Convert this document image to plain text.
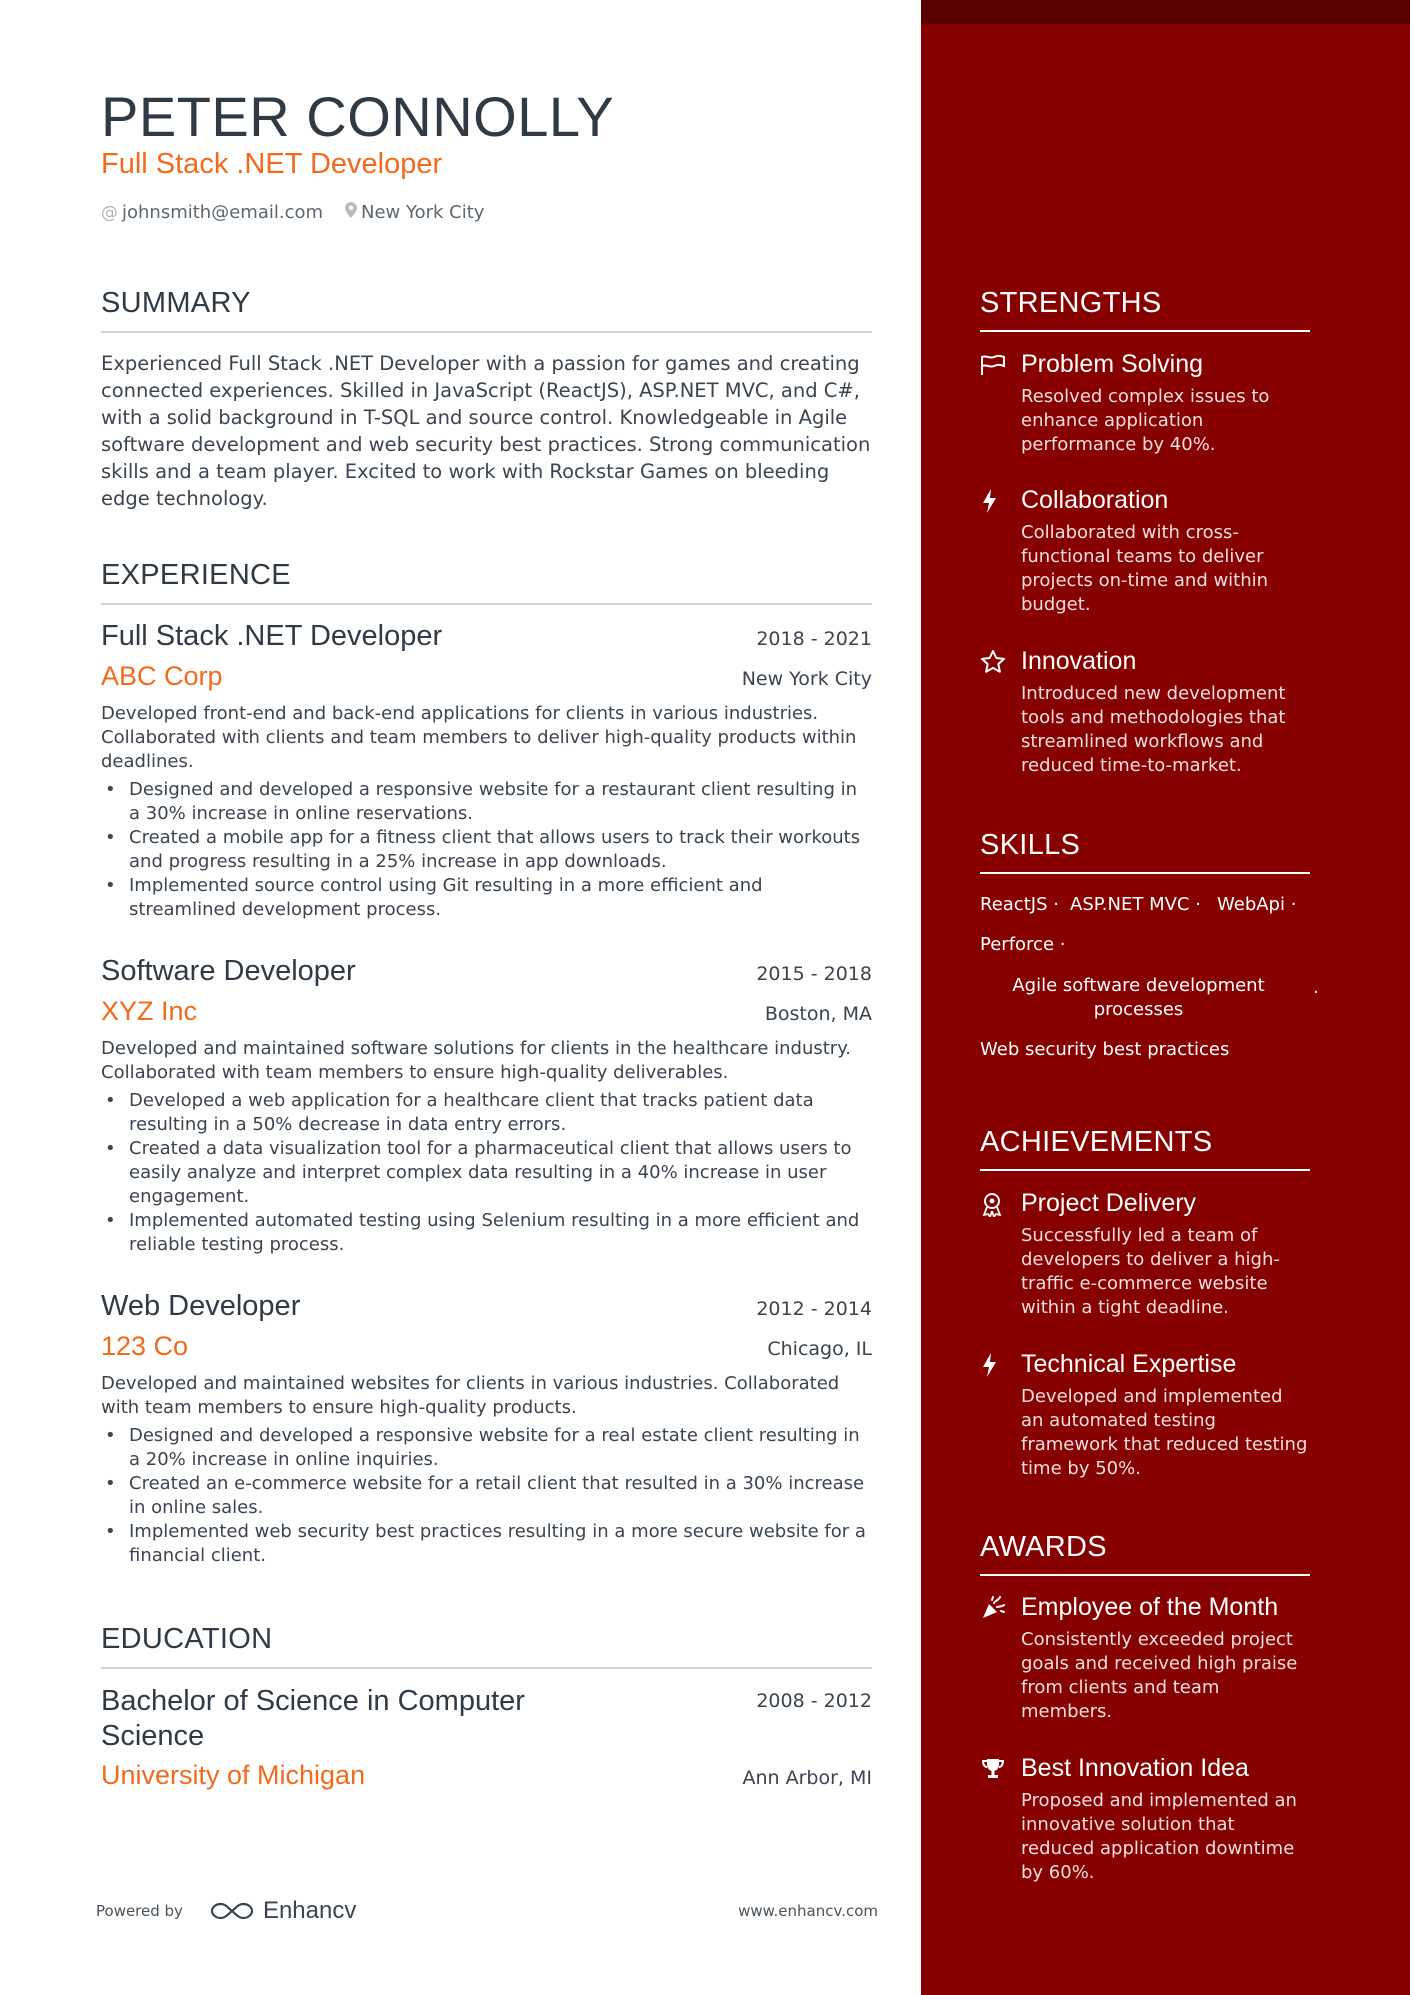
PETER CONNOLLY
Full Stack .NET Developer
@ johnsmith@email.com New York City
SUMMARY
Experienced Full Stack .NET Developer with a passion for games and creating connected experiences. Skilled in JavaScript (ReactJS), ASP.NET MVC, and C#, with a solid background in T-SQL and source control. Knowledgeable in Agile software development and web security best practices. Strong communication skills and a team player. Excited to work with Rockstar Games on bleeding edge technology.
EXPERIENCE
Full Stack .NET Developer	2018 - 2021
ABC Corp	New York City
Developed front-end and back-end applications for clients in various industries. Collaborated with clients and team members to deliver high-quality products within deadlines.
• Designed and developed a responsive website for a restaurant client resulting in a 30% increase in online reservations.
• Created a mobile app for a fitness client that allows users to track their workouts and progress resulting in a 25% increase in app downloads.
• Implemented source control using Git resulting in a more efficient and streamlined development process.
Software Developer	2015 - 2018
XYZ Inc	Boston, MA
Developed and maintained software solutions for clients in the healthcare industry. Collaborated with team members to ensure high-quality deliverables.
• Developed a web application for a healthcare client that tracks patient data resulting in a 50% decrease in data entry errors.
• Created a data visualization tool for a pharmaceutical client that allows users to easily analyze and interpret complex data resulting in a 40% increase in user engagement.
• Implemented automated testing using Selenium resulting in a more efficient and reliable testing process.
Web Developer	2012 - 2014
123 Co	Chicago, IL
Developed and maintained websites for clients in various industries. Collaborated with team members to ensure high-quality products.
• Designed and developed a responsive website for a real estate client resulting in a 20% increase in online inquiries.
• Created an e-commerce website for a retail client that resulted in a 30% increase in online sales.
• Implemented web security best practices resulting in a more secure website for a financial client.
EDUCATION
Bachelor of Science in Computer Science
2008 - 2012
University of Michigan	Ann Arbor, MI
Powered by	Enhancv	www.enhancv.com
STRENGTHS
Problem Solving
Resolved complex issues to enhance application performance by 40%.
Collaboration
Collaborated with cross-functional teams to deliver projects on-time and within budget.
Innovation
Introduced new development tools and methodologies that streamlined workflows and reduced time-to-market.
SKILLS
ReactJS · ASP.NET MVC · WebApi ·
Perforce ·
Agile software development processes
·
Web security best practices
ACHIEVEMENTS
Project Delivery
Successfully led a team of developers to deliver a high-traffic e-commerce website within a tight deadline.
Technical Expertise
Developed and implemented an automated testing framework that reduced testing time by 50%.
AWARDS
Employee of the Month
Consistently exceeded project goals and received high praise from clients and team members.
Best Innovation Idea
Proposed and implemented an innovative solution that reduced application downtime by 60%.
